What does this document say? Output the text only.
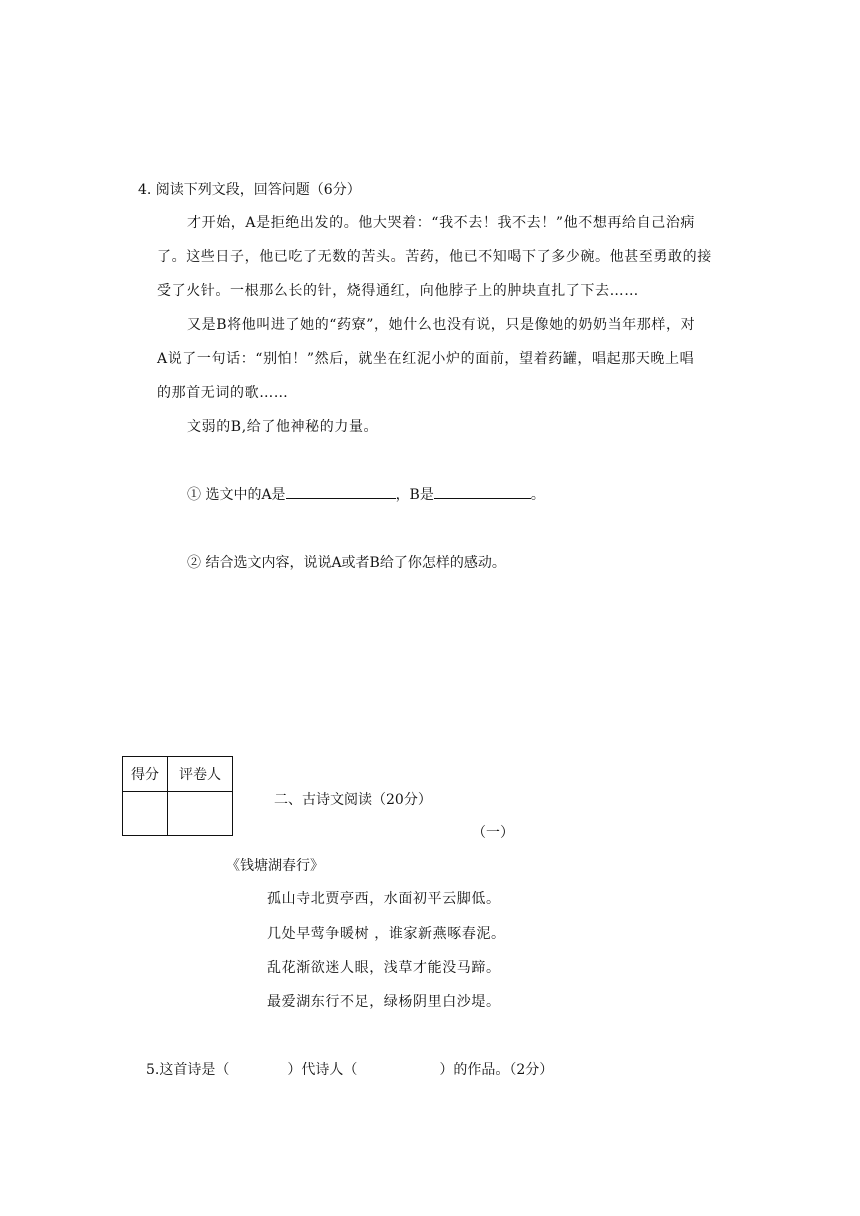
4. 阅读下列文段，回答问题（6分）
才开始，A是拒绝出发的。他大哭着：“我不去！我不去！”他不想再给自己治病
了。这些日子，他已吃了无数的苦头。苦药，他已不知喝下了多少碗。他甚至勇敢的接
受了火针。一根那么长的针，烧得通红，向他脖子上的肿块直扎了下去……
又是B将他叫进了她的“药寮”，她什么也没有说，只是像她的奶奶当年那样，对
A说了一句话：“别怕！”然后，就坐在红泥小炉的面前，望着药罐，唱起那天晚上唱
的那首无词的歌……
文弱的B,给了他神秘的力量。
① 选文中的A是	，B是	。
② 结合选文内容，说说A或者B给了你怎样的感动。
得分	评卷人

二、古诗文阅读（20分）
（一）
《钱塘湖春行》
孤山寺北贾亭西，水面初平云脚低。
几处早莺争暖树 ，谁家新燕啄春泥。
乱花渐欲迷人眼，浅草才能没马蹄。
最爱湖东行不足，绿杨阴里白沙堤。
5.这首诗是（	）代诗人（	）的作品。（2分）
